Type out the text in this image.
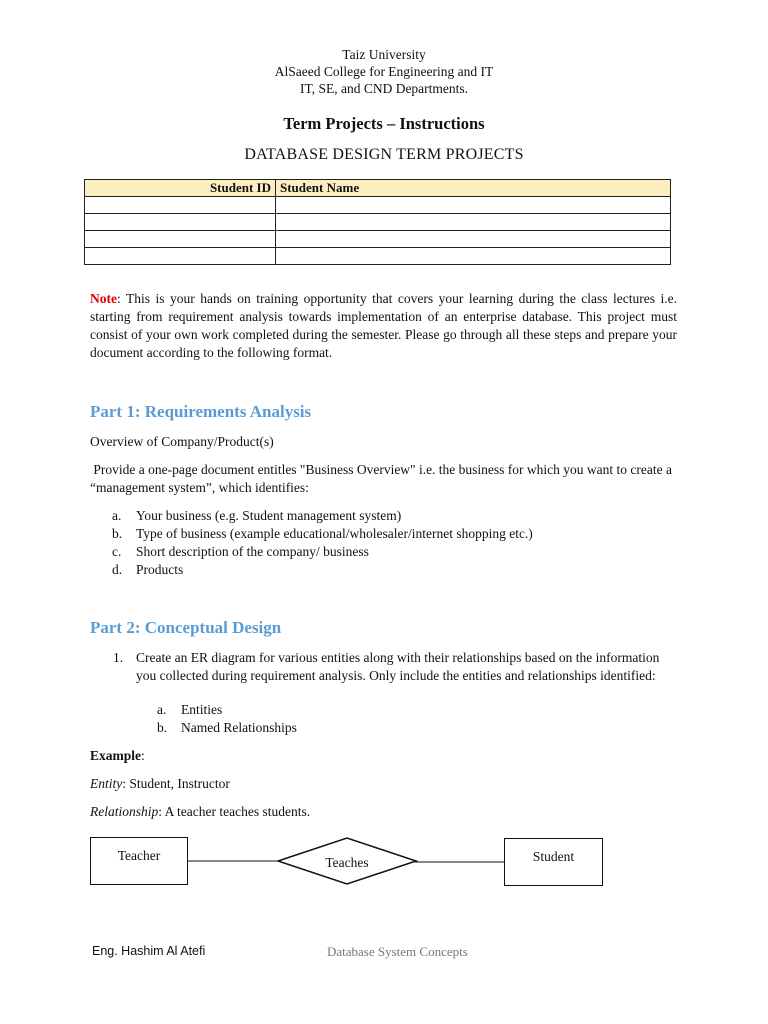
Taiz University
AlSaeed College for Engineering and IT
IT, SE, and CND Departments.
Term Projects – Instructions
DATABASE DESIGN TERM PROJECTS
Student ID	Student Name

Note: This is your hands on training opportunity that covers your learning during the class lectures i.e. starting from requirement analysis towards implementation of an enterprise database. This project must consist of your own work completed during the semester. Please go through all these steps and prepare your document according to the following format.
Part 1: Requirements Analysis
Overview of Company/Product(s)
Provide a one-page document entitles "Business Overview" i.e. the business for which you want to create a “management system”, which identifies:
a. Your business (e.g. Student management system)
b. Type of business (example educational/wholesaler/internet shopping etc.)
c. Short description of the company/ business
d. Products
Part 2: Conceptual Design
1. Create an ER diagram for various entities along with their relationships based on the information you collected during requirement analysis. Only include the entities and relationships identified:
a. Entities
b. Named Relationships
Example:
Entity: Student, Instructor
Relationship: A teacher teaches students.
Teacher	Teaches	Student
Eng. Hashim Al Atefi	Database System Concepts
